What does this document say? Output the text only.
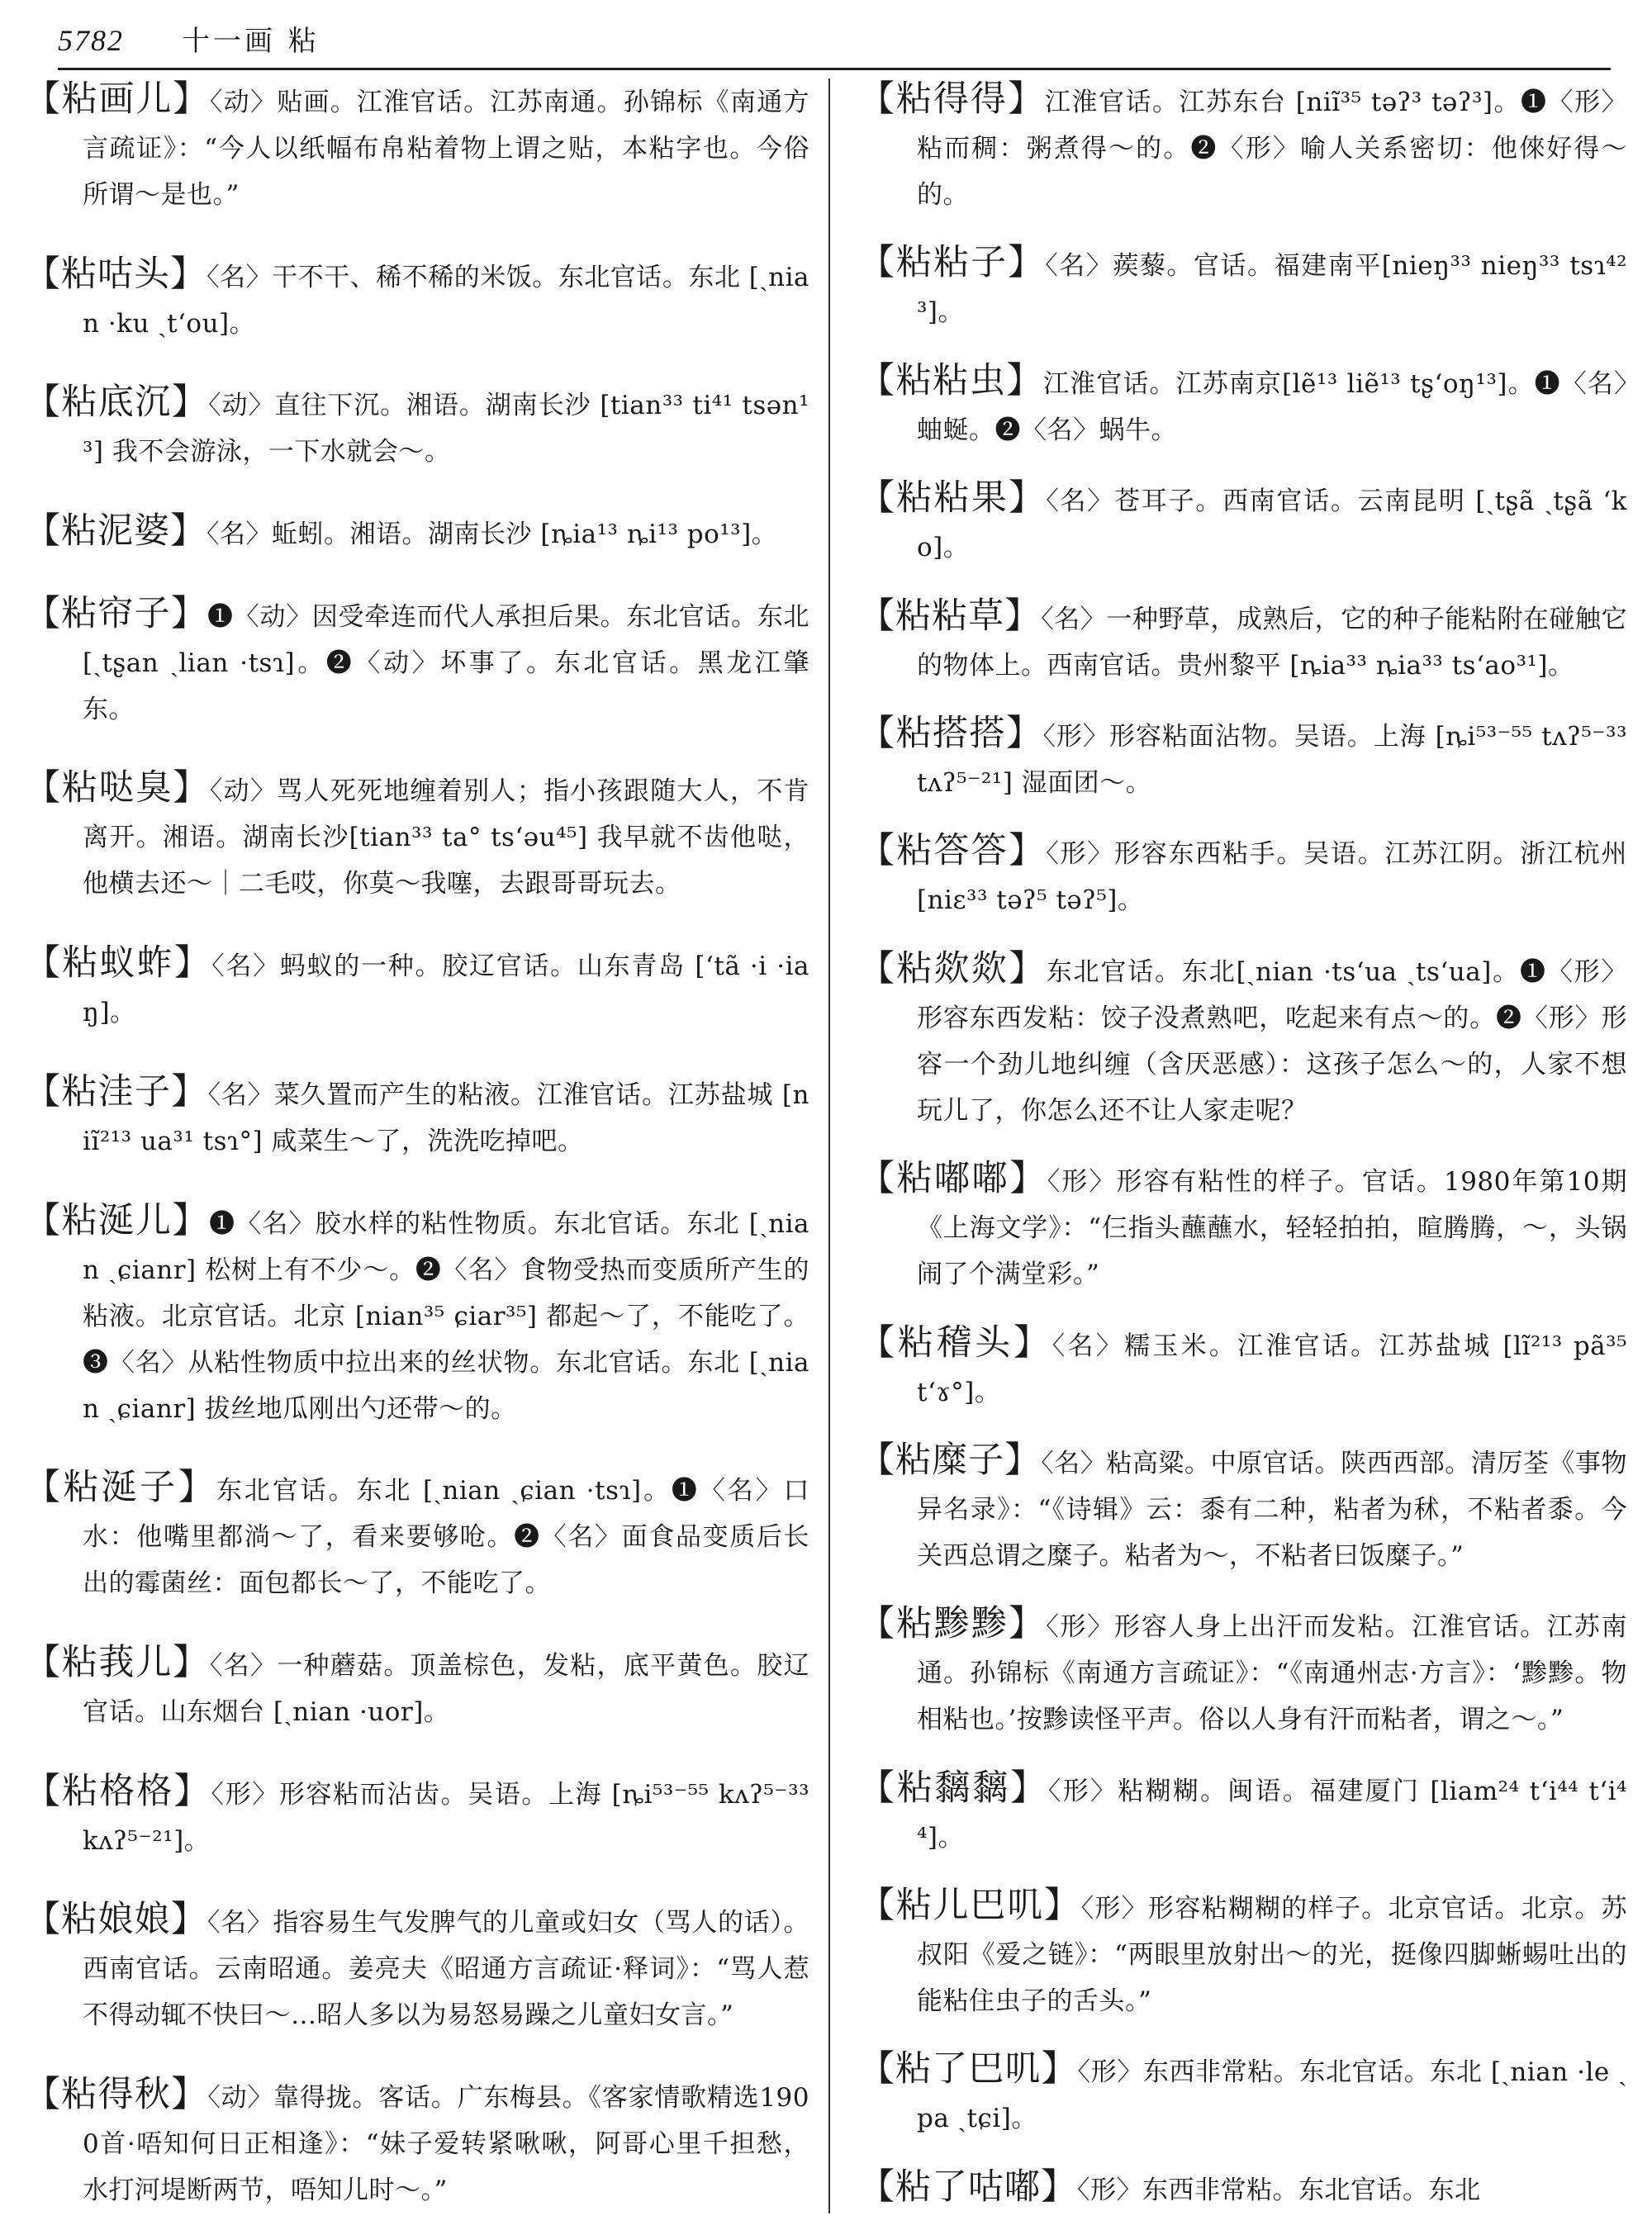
5782 十一画 粘

【粘画儿】〈动〉贴画。江淮官话。江苏南通。孙锦标《南通方言疏证》：“今人以纸幅布帛粘着物上谓之贴，本粘字也。今俗所谓～是也。”

【粘咕头】〈名〉干不干、稀不稀的米饭。东北官话。东北 [ˏnian ·ku ˏt‘ou]。

【粘底沉】〈动〉直往下沉。湘语。湖南长沙 [tian³³ ti⁴¹ tsən¹³] 我不会游泳，一下水就会～。

【粘泥婆】〈名〉蚯蚓。湘语。湖南长沙 [ȵia¹³ ȵi¹³ po¹³]。

【粘帘子】❶〈动〉因受牵连而代人承担后果。东北官话。东北 [ˏtʂan ˏlian ·tsɿ]。❷〈动〉坏事了。东北官话。黑龙江肇东。

【粘哒臭】〈动〉骂人死死地缠着别人；指小孩跟随大人，不肯离开。湘语。湖南长沙[tian³³ ta° ts‘əu⁴⁵] 我早就不齿他哒，他横去还～｜二毛哎，你莫～我噻，去跟哥哥玩去。

【粘蚁蚱】〈名〉蚂蚁的一种。胶辽官话。山东青岛 [‘tã ·i ·iaŋ]。

【粘洼子】〈名〉菜久置而产生的粘液。江淮官话。江苏盐城 [niĩ²¹³ ua³¹ tsɿ°] 咸菜生～了，洗洗吃掉吧。

【粘涎儿】❶〈名〉胶水样的粘性物质。东北官话。东北 [ˏnian ˏɕianr] 松树上有不少～。❷〈名〉食物受热而变质所产生的粘液。北京官话。北京 [nian³⁵ ɕiar³⁵] 都起～了，不能吃了。❸〈名〉从粘性物质中拉出来的丝状物。东北官话。东北 [ˏnian ˏɕianr] 拔丝地瓜刚出勺还带～的。

【粘涎子】东北官话。东北 [ˏnian ˏɕian ·tsɿ]。❶〈名〉口水：他嘴里都淌～了，看来要够呛。❷〈名〉面食品变质后长出的霉菌丝：面包都长～了，不能吃了。

【粘莪儿】〈名〉一种蘑菇。顶盖棕色，发粘，底平黄色。胶辽官话。山东烟台 [ˏnian ·uor]。

【粘格格】〈形〉形容粘而沾齿。吴语。上海 [ȵi⁵³⁻⁵⁵ kʌʔ⁵⁻³³ kʌʔ⁵⁻²¹]。

【粘娘娘】〈名〉指容易生气发脾气的儿童或妇女（骂人的话）。西南官话。云南昭通。姜亮夫《昭通方言疏证·释词》：“骂人惹不得动辄不快曰～…昭人多以为易怒易躁之儿童妇女言。”

【粘得秋】〈动〉靠得拢。客话。广东梅县。《客家情歌精选1900首·唔知何日正相逢》：“妹子爱转紧啾啾，阿哥心里千担愁，水打河堤断两节，唔知儿时～。”

【粘得得】江淮官话。江苏东台 [niĩ³⁵ təʔ³ təʔ³]。❶〈形〉粘而稠：粥煮得～的。❷〈形〉喻人关系密切：他倈好得～的。

【粘粘子】〈名〉蒺藜。官话。福建南平[nieŋ³³ nieŋ³³ tsɿ⁴²³]。

【粘粘虫】江淮官话。江苏南京[lẽ¹³ liẽ¹³ tʂ‘oŋ¹³]。❶〈名〉蚰蜒。❷〈名〉蜗牛。

【粘粘果】〈名〉苍耳子。西南官话。云南昆明 [ˏtʂã ˏtʂã ‘ko]。

【粘粘草】〈名〉一种野草，成熟后，它的种子能粘附在碰触它的物体上。西南官话。贵州黎平 [ȵia³³ ȵia³³ ts‘ao³¹]。

【粘搭搭】〈形〉形容粘面沾物。吴语。上海 [ȵi⁵³⁻⁵⁵ tʌʔ⁵⁻³³ tʌʔ⁵⁻²¹] 湿面团～。

【粘答答】〈形〉形容东西粘手。吴语。江苏江阴。浙江杭州 [niɛ³³ təʔ⁵ təʔ⁵]。

【粘欻欻】东北官话。东北[ˏnian ·ts‘ua ˏts‘ua]。❶〈形〉形容东西发粘：饺子没煮熟吧，吃起来有点～的。❷〈形〉形容一个劲儿地纠缠（含厌恶感）：这孩子怎么～的，人家不想玩儿了，你怎么还不让人家走呢？

【粘嘟嘟】〈形〉形容有粘性的样子。官话。1980年第10期《上海文学》：“仨指头蘸蘸水，轻轻拍拍，暄腾腾，～，头锅闹了个满堂彩。”

【粘稽头】〈名〉糯玉米。江淮官话。江苏盐城 [lĩ²¹³ pã³⁵ t‘ɤ°]。

【粘糜子】〈名〉粘高粱。中原官话。陕西西部。清厉荃《事物异名录》：“《诗辑》云：黍有二种，粘者为秫，不粘者黍。今关西总谓之糜子。粘者为～，不粘者曰饭糜子。”

【粘黪黪】〈形〉形容人身上出汗而发粘。江淮官话。江苏南通。孙锦标《南通方言疏证》：“《南通州志·方言》：‘黪黪。物相粘也。’按黪读怪平声。俗以人身有汗而粘者，谓之～。”

【粘黐黐】〈形〉粘糊糊。闽语。福建厦门 [liam²⁴ t‘i⁴⁴ t‘i⁴⁴]。

【粘儿巴叽】〈形〉形容粘糊糊的样子。北京官话。北京。苏叔阳《爱之链》：“两眼里放射出～的光，挺像四脚蜥蜴吐出的能粘住虫子的舌头。”

【粘了巴叽】〈形〉东西非常粘。东北官话。东北 [ˏnian ·le ˏpa ˏtɕi]。

【粘了咕嘟】〈形〉东西非常粘。东北官话。东北
